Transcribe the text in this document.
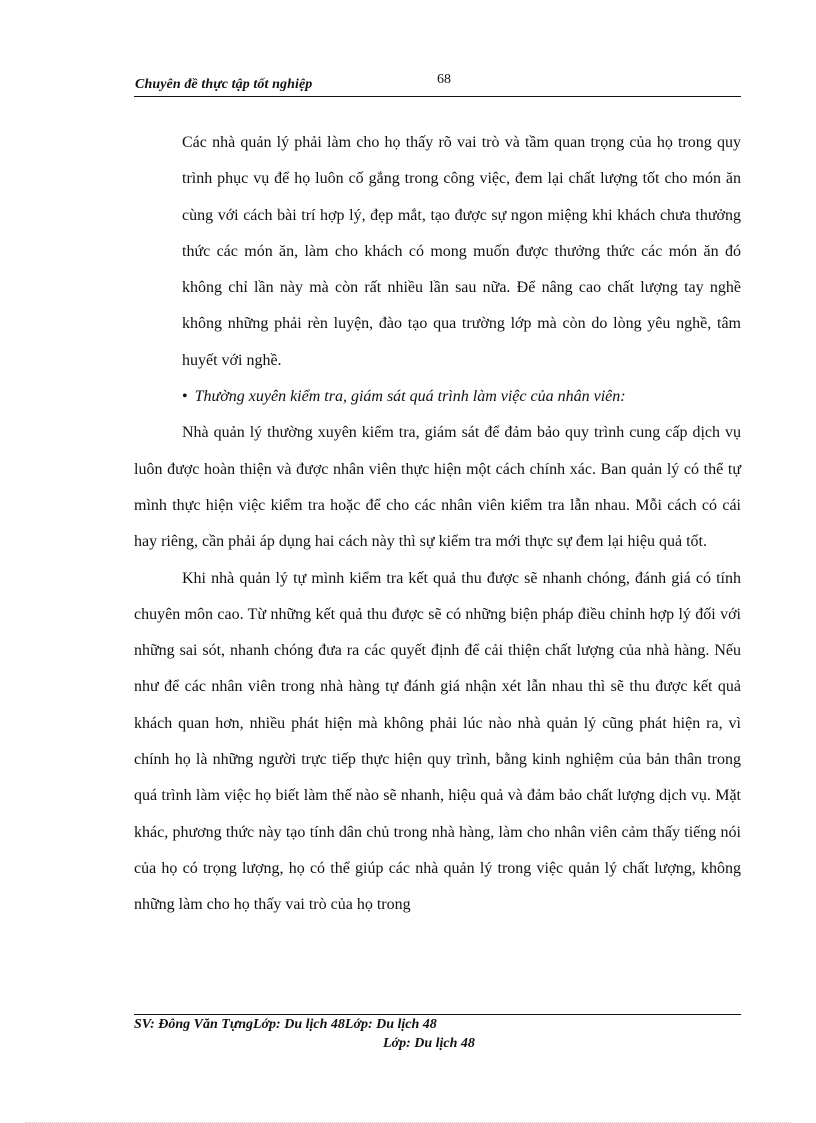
Chuyên đề thực tập tốt nghiệp	68

Các nhà quản lý phải làm cho họ thấy rõ vai trò và tầm quan trọng của họ trong quy trình phục vụ để họ luôn cố gắng trong công việc, đem lại chất lượng tốt cho món ăn cùng với cách bài trí hợp lý, đẹp mắt, tạo được sự ngon miệng khi khách chưa thưởng thức các món ăn, làm cho khách có mong muốn được thưởng thức các món ăn đó không chỉ lần này mà còn rất nhiều lần sau nữa. Để nâng cao chất lượng tay nghề không những phải rèn luyện, đào tạo qua trường lớp mà còn do lòng yêu nghề, tâm huyết với nghề.

• Thường xuyên kiểm tra, giám sát quá trình làm việc của nhân viên:

Nhà quản lý thường xuyên kiểm tra, giám sát để đảm bảo quy trình cung cấp dịch vụ luôn được hoàn thiện và được nhân viên thực hiện một cách chính xác. Ban quản lý có thể tự mình thực hiện việc kiểm tra hoặc để cho các nhân viên kiểm tra lẫn nhau. Mỗi cách có cái hay riêng, cần phải áp dụng hai cách này thì sự kiểm tra mới thực sự đem lại hiệu quả tốt.

Khi nhà quản lý tự mình kiểm tra kết quả thu được sẽ nhanh chóng, đánh giá có tính chuyên môn cao. Từ những kết quả thu được sẽ có những biện pháp điều chỉnh hợp lý đối với những sai sót, nhanh chóng đưa ra các quyết định để cải thiện chất lượng của nhà hàng. Nếu như để các nhân viên trong nhà hàng tự đánh giá nhận xét lẫn nhau thì sẽ thu được kết quả khách quan hơn, nhiều phát hiện mà không phải lúc nào nhà quản lý cũng phát hiện ra, vì chính họ là những người trực tiếp thực hiện quy trình, bằng kinh nghiệm của bản thân trong quá trình làm việc họ biết làm thế nào sẽ nhanh, hiệu quả và đảm bảo chất lượng dịch vụ. Mặt khác, phương thức này tạo tính dân chủ trong nhà hàng, làm cho nhân viên cảm thấy tiếng nói của họ có trọng lượng, họ có thể giúp các nhà quản lý trong việc quản lý chất lượng, không những làm cho họ thấy vai trò của họ trong

SV: Đông Văn TựngLớp: Du lịch 48Lớp: Du lịch 48
Lớp: Du lịch 48
